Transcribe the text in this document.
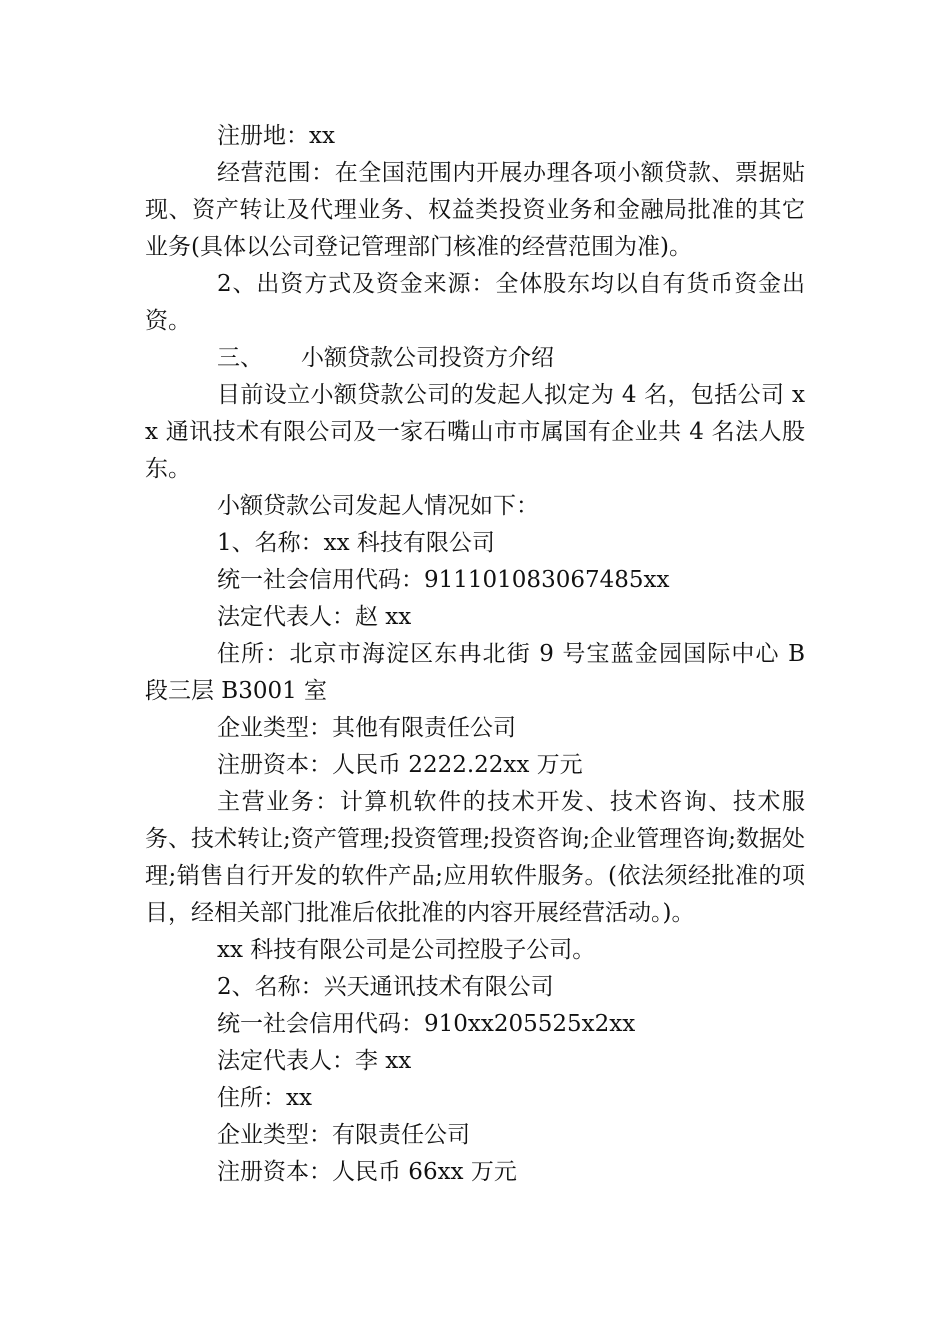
注册地：xx

经营范围：在全国范围内开展办理各项小额贷款、票据贴现、资产转让及代理业务、权益类投资业务和金融局批准的其它业务(具体以公司登记管理部门核准的经营范围为准)。

2、出资方式及资金来源：全体股东均以自有货币资金出资。

三、 小额贷款公司投资方介绍

目前设立小额贷款公司的发起人拟定为 4 名，包括公司 xx 通讯技术有限公司及一家石嘴山市市属国有企业共 4 名法人股东。

小额贷款公司发起人情况如下：

1、名称：xx 科技有限公司

统一社会信用代码：911101083067485xx

法定代表人：赵 xx

住所：北京市海淀区东冉北街 9 号宝蓝金园国际中心 B 段三层 B3001 室

企业类型：其他有限责任公司

注册资本：人民币 2222.22xx 万元

主营业务：计算机软件的技术开发、技术咨询、技术服务、技术转让;资产管理;投资管理;投资咨询;企业管理咨询;数据处理;销售自行开发的软件产品;应用软件服务。(依法须经批准的项目，经相关部门批准后依批准的内容开展经营活动。)。

xx 科技有限公司是公司控股子公司。

2、名称：兴天通讯技术有限公司

统一社会信用代码：910xx205525x2xx

法定代表人：李 xx

住所：xx

企业类型：有限责任公司

注册资本：人民币 66xx 万元
